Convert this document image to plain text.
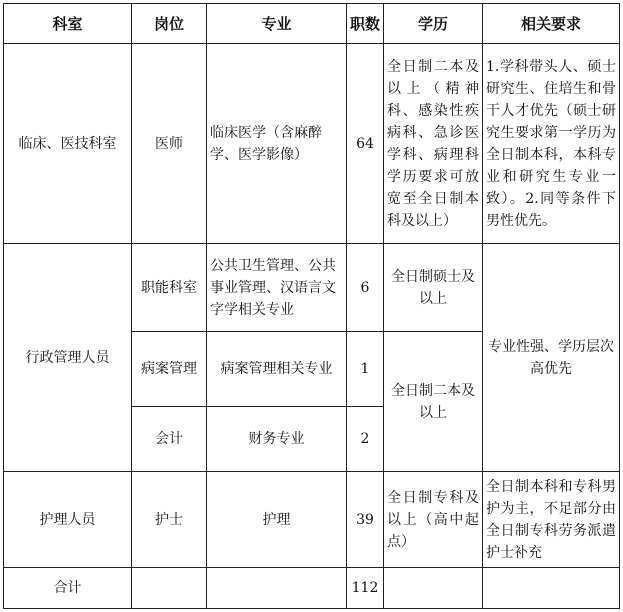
科室	岗位	专业	职数	学历	相关要求
临床、医技科室	医师	临床医学（含麻醉学、医学影像）	64	全日制二本及以上（精神科、感染性疾病科、急诊医学科、病理科学历要求可放宽至全日制本科及以上）	1.学科带头人、硕士研究生、住培生和骨干人才优先（硕士研究生要求第一学历为全日制本科，本科专业和研究生专业一致）。2.同等条件下男性优先。
行政管理人员	职能科室	公共卫生管理、公共事业管理、汉语言文字学相关专业	6	全日制硕士及以上	专业性强、学历层次高优先
	病案管理	病案管理相关专业	1	全日制二本及以上	
	会计	财务专业	2		
护理人员	护士	护理	39	全日制专科及以上（高中起点）	全日制本科和专科男护为主，不足部分由全日制专科劳务派遣护士补充
合计			112		
